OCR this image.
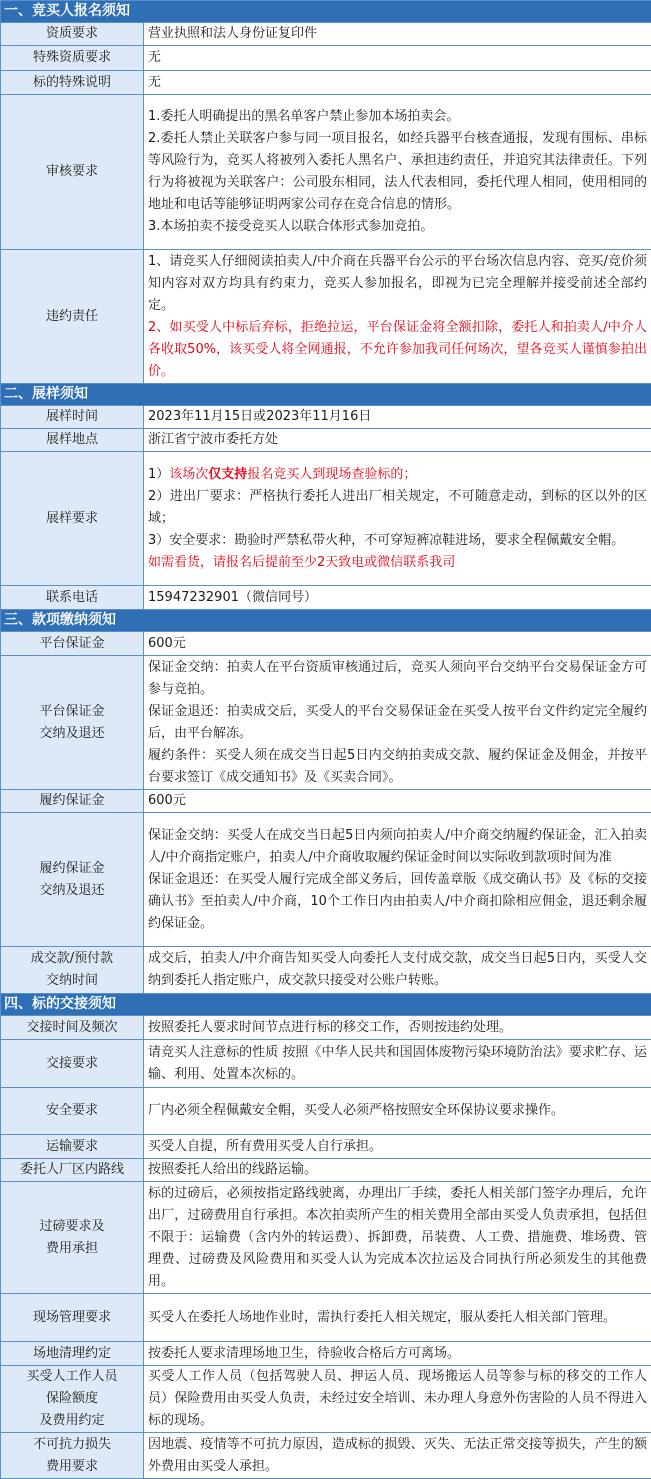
一、竞买人报名须知	
资质要求	营业执照和法人身份证复印件
特殊资质要求	无
标的特殊说明	无
审核要求	1.委托人明确提出的黑名单客户禁止参加本场拍卖会。
2.委托人禁止关联客户参与同一项目报名，如经兵器平台核查通报，发现有围标、串标等风险行为，竞买人将被列入委托人黑名户、承担违约责任，并追究其法律责任。下列行为将被视为关联客户：公司股东相同，法人代表相同，委托代理人相同，使用相同的地址和电话等能够证明两家公司存在竞合信息的情形。
3.本场拍卖不接受竞买人以联合体形式参加竞拍。

违约责任	1、请竞买人仔细阅读拍卖人/中介商在兵器平台公示的平台场次信息内容、竞买/竞价须知内容对双方均具有约束力，竞买人参加报名，即视为已完全理解并接受前述全部约定。
2、如买受人中标后弃标，拒绝拉运，平台保证金将全额扣除，委托人和拍卖人/中介人各收取50%，该买受人将全网通报，不允许参加我司任何场次，望各竞买人谨慎参拍出价。

二、展样须知	
展样时间	2023年11月15日或2023年11月16日
展样地点	浙江省宁波市委托方处
展样要求	1）该场次仅支持报名竞买人到现场查验标的；
2）进出厂要求：严格执行委托人进出厂相关规定，不可随意走动，到标的区以外的区域；
3）安全要求：勘验时严禁私带火种，不可穿短裤凉鞋进场，要求全程佩戴安全帽。
如需看货，请报名后提前至少2天致电或微信联系我司

联系电话	15947232901（微信同号）
三、款项缴纳须知	
平台保证金	600元

平台保证金
交纳及退还	保证金交纳：拍卖人在平台资质审核通过后，竞买人须向平台交纳平台交易保证金方可参与竞拍。
保证金退还：拍卖成交后，买受人的平台交易保证金在买受人按平台文件约定完全履约后，由平台解冻。
履约条件：买受人须在成交当日起5日内交纳拍卖成交款、履约保证金及佣金，并按平台要求签订《成交通知书》及《买卖合同》。

履约保证金	600元

履约保证金
交纳及退还	保证金交纳：买受人在成交当日起5日内须向拍卖人/中介商交纳履约保证金，汇入拍卖人/中介商指定账户，拍卖人/中介商收取履约保证金时间以实际收到款项时间为准
保证金退还：在买受人履行完成全部义务后，回传盖章版《成交确认书》及《标的交接确认书》至拍卖人/中介商，10个工作日内由拍卖人/中介商扣除相应佣金，退还剩余履约保证金。

成交款/预付款
交纳时间	成交后，拍卖人/中介商告知买受人向委托人支付成交款，成交当日起5日内，买受人交纳到委托人指定账户，成交款只接受对公账户转账。
四、标的交接须知	
交接时间及频次	按照委托人要求时间节点进行标的移交工作，否则按违约处理。
交接要求	请竞买人注意标的性质 按照《中华人民共和国固体废物污染环境防治法》要求贮存、运输、利用、处置本次标的。
安全要求	厂内必须全程佩戴安全帽，买受人必须严格按照安全环保协议要求操作。
运输要求	买受人自提，所有费用买受人自行承担。
委托人厂区内路线	按照委托人给出的线路运输。

过磅要求及
费用承担	标的过磅后，必须按指定路线驶离，办理出厂手续，委托人相关部门签字办理后，允许出厂，过磅费用自行承担。本次拍卖所产生的相关费用全部由买受人负责承担，包括但不限于：运输费（含内外的转运费）、拆卸费，吊装费、人工费、措施费、堆场费、管理费、过磅费及风险费用和买受人认为完成本次拉运及合同执行所必须发生的其他费用。
现场管理要求	买受人在委托人场地作业时，需执行委托人相关规定，服从委托人相关部门管理。
场地清理约定	按委托人要求清理场地卫生，待验收合格后方可离场。

买受人工作人员
保险额度
及费用约定	买受人工作人员（包括驾驶人员、押运人员、现场搬运人员等参与标的移交的工作人员）保险费用由买受人负责，未经过安全培训、未办理人身意外伤害险的人员不得进入标的现场。

不可抗力损失
费用要求	因地震、疫情等不可抗力原因，造成标的损毁、灭失、无法正常交接等损失，产生的额外费用由买受人承担。
